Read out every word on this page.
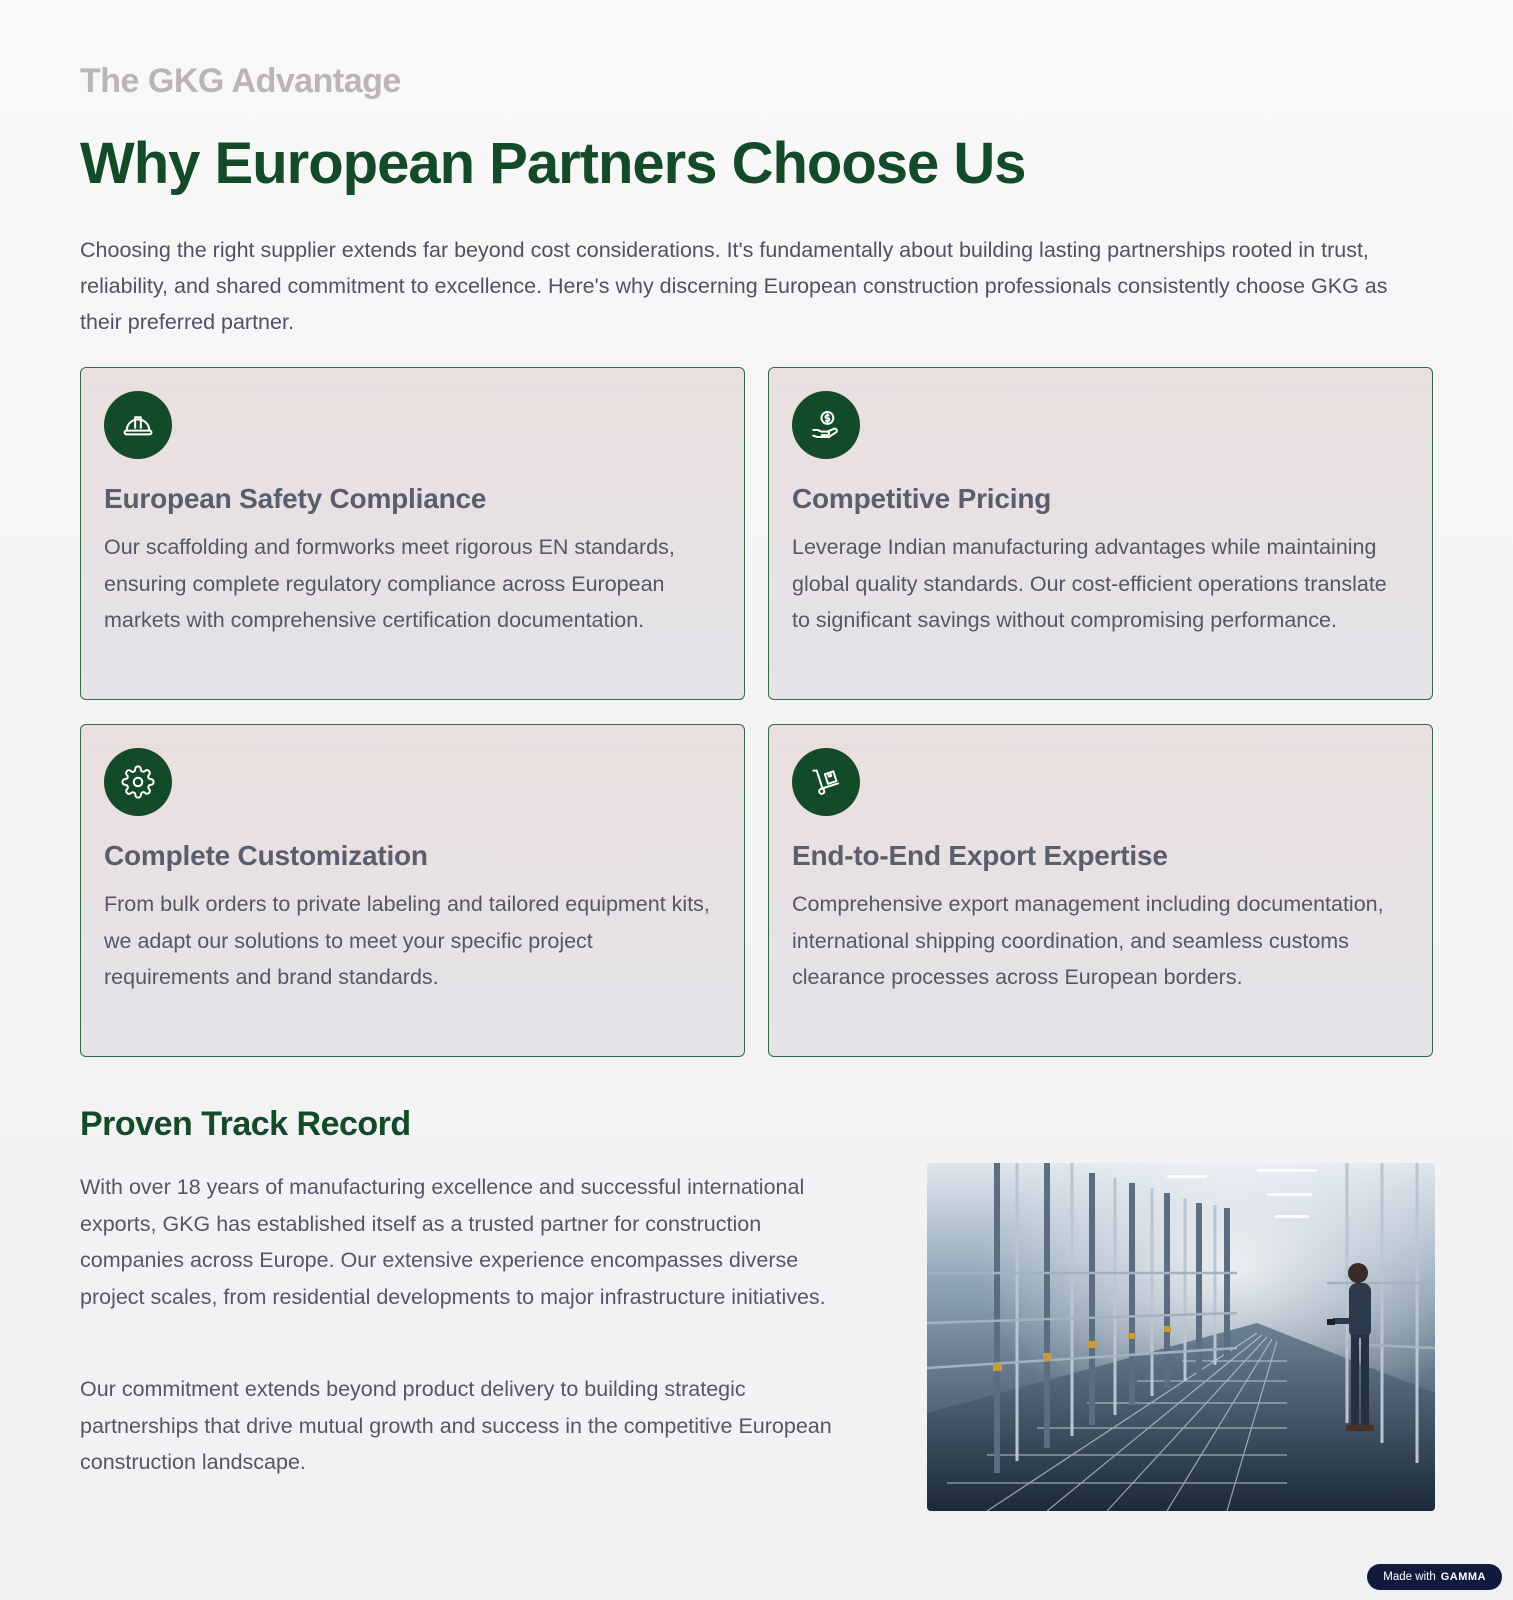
The GKG Advantage
Why European Partners Choose Us

Choosing the right supplier extends far beyond cost considerations. It's fundamentally about building lasting partnerships rooted in trust, reliability, and shared commitment to excellence. Here's why discerning European construction professionals consistently choose GKG as their preferred partner.

European Safety Compliance

Our scaffolding and formworks meet rigorous EN standards, ensuring complete regulatory compliance across European markets with comprehensive certification documentation.

Competitive Pricing

Leverage Indian manufacturing advantages while maintaining global quality standards. Our cost-efficient operations translate to significant savings without compromising performance.

Complete Customization

From bulk orders to private labeling and tailored equipment kits, we adapt our solutions to meet your specific project requirements and brand standards.

End-to-End Export Expertise

Comprehensive export management including documentation, international shipping coordination, and seamless customs clearance processes across European borders.

Proven Track Record

With over 18 years of manufacturing excellence and successful international exports, GKG has established itself as a trusted partner for construction companies across Europe. Our extensive experience encompasses diverse project scales, from residential developments to major infrastructure initiatives.

Our commitment extends beyond product delivery to building strategic partnerships that drive mutual growth and success in the competitive European construction landscape.

Made with GAMMA
